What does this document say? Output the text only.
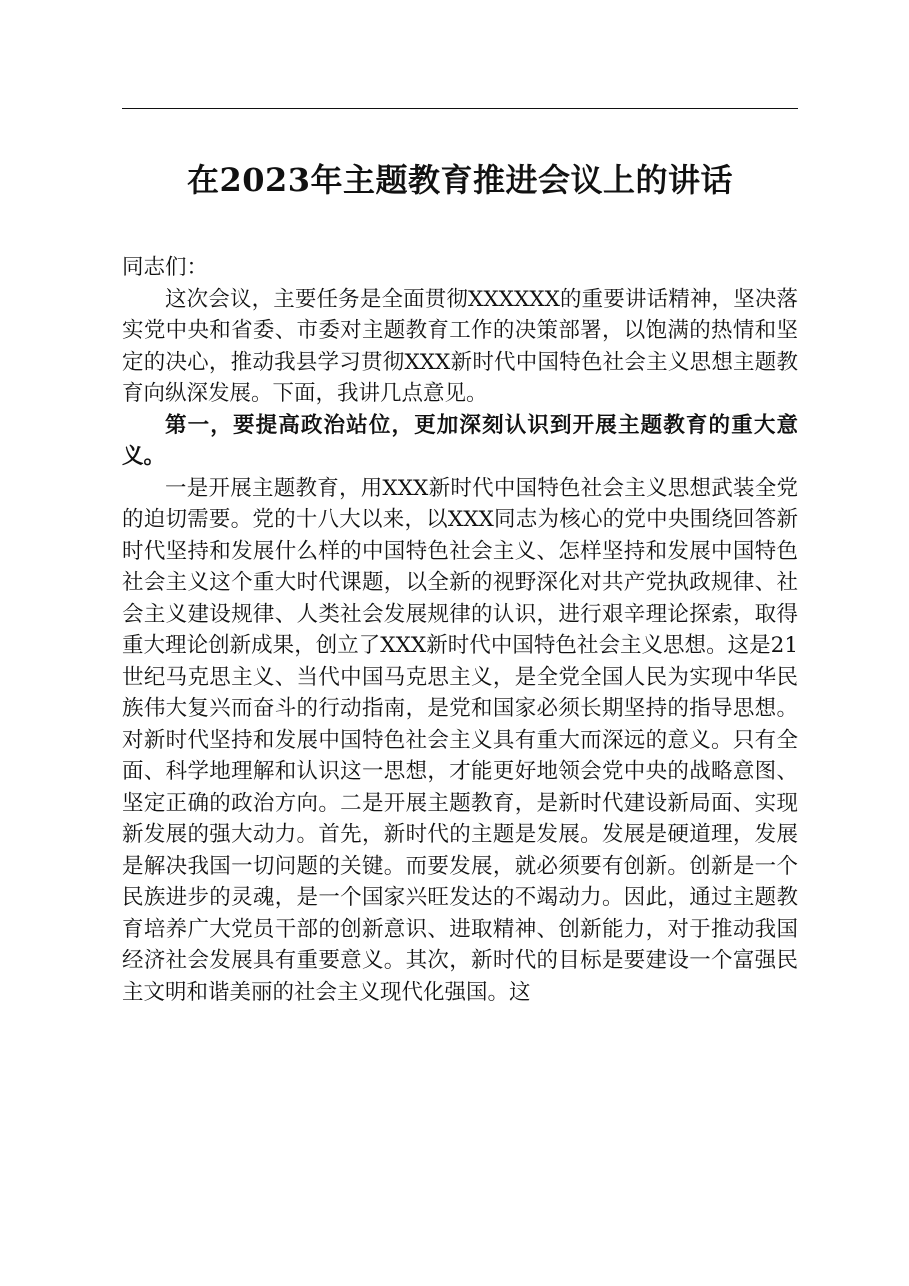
在2023年主题教育推进会议上的讲话

同志们：

这次会议，主要任务是全面贯彻XXXXXX的重要讲话精神，坚决落实党中央和省委、市委对主题教育工作的决策部署，以饱满的热情和坚定的决心，推动我县学习贯彻XXX新时代中国特色社会主义思想主题教育向纵深发展。下面，我讲几点意见。

第一，要提高政治站位，更加深刻认识到开展主题教育的重大意义。

一是开展主题教育，用XXX新时代中国特色社会主义思想武装全党的迫切需要。党的十八大以来，以XXX同志为核心的党中央围绕回答新时代坚持和发展什么样的中国特色社会主义、怎样坚持和发展中国特色社会主义这个重大时代课题，以全新的视野深化对共产党执政规律、社会主义建设规律、人类社会发展规律的认识，进行艰辛理论探索，取得重大理论创新成果，创立了XXX新时代中国特色社会主义思想。这是21世纪马克思主义、当代中国马克思主义，是全党全国人民为实现中华民族伟大复兴而奋斗的行动指南，是党和国家必须长期坚持的指导思想。对新时代坚持和发展中国特色社会主义具有重大而深远的意义。只有全面、科学地理解和认识这一思想，才能更好地领会党中央的战略意图、坚定正确的政治方向。二是开展主题教育，是新时代建设新局面、实现新发展的强大动力。首先，新时代的主题是发展。发展是硬道理，发展是解决我国一切问题的关键。而要发展，就必须要有创新。创新是一个民族进步的灵魂，是一个国家兴旺发达的不竭动力。因此，通过主题教育培养广大党员干部的创新意识、进取精神、创新能力，对于推动我国经济社会发展具有重要意义。其次，新时代的目标是要建设一个富强民主文明和谐美丽的社会主义现代化强国。这
